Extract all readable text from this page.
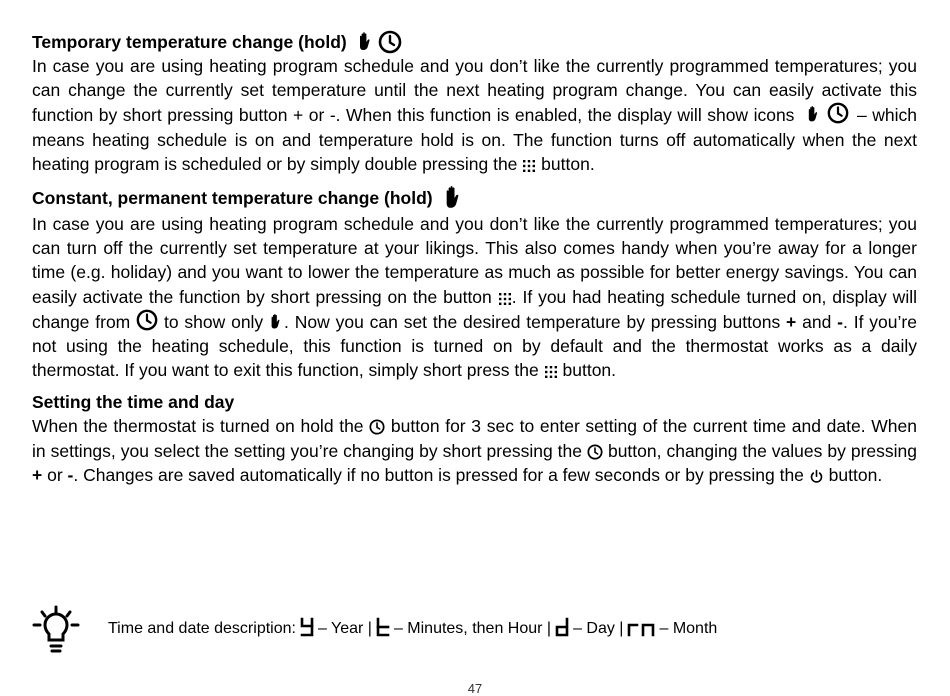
Temporary temperature change (hold)
In case you are using heating program schedule and you don’t like the currently programmed temperatures; you can change the currently set temperature until the next heating program change. You can easily activate this function by short pressing button + or -. When this function is enabled, the display will show icons
	– which means heating schedule is on and temperature hold is on. The function turns off automatically when the next heating program is scheduled or by simply double pressing the button.
Constant, permanent temperature change (hold)
In case you are using heating program schedule and you don’t like the currently programmed temperatures; you can turn off the currently set temperature at your likings. This also comes handy when you’re away for a longer time (e.g. holiday) and you want to lower the temperature as much as possible for better energy savings. You can easily activate the function by short pressing on the button . If you had heating schedule turned on, display will change from to show only . Now you can set the desired temperature by pressing buttons + and -. If you’re not using the heating schedule, this function is turned on by default and the thermostat works as a daily thermostat. If you want to exit this function, simply short press the button.
Setting the time and day
When the thermostat is turned on hold the button for 3 sec to enter setting of the current time and date. When in settings, you select the setting you’re changing by short pressing the button, changing the values by pressing + or -. Changes are saved automatically if no button is pressed for a few seconds or by pressing the button.
Time and date description: – Year | – Minutes, then Hour | – Day | – Month
47
